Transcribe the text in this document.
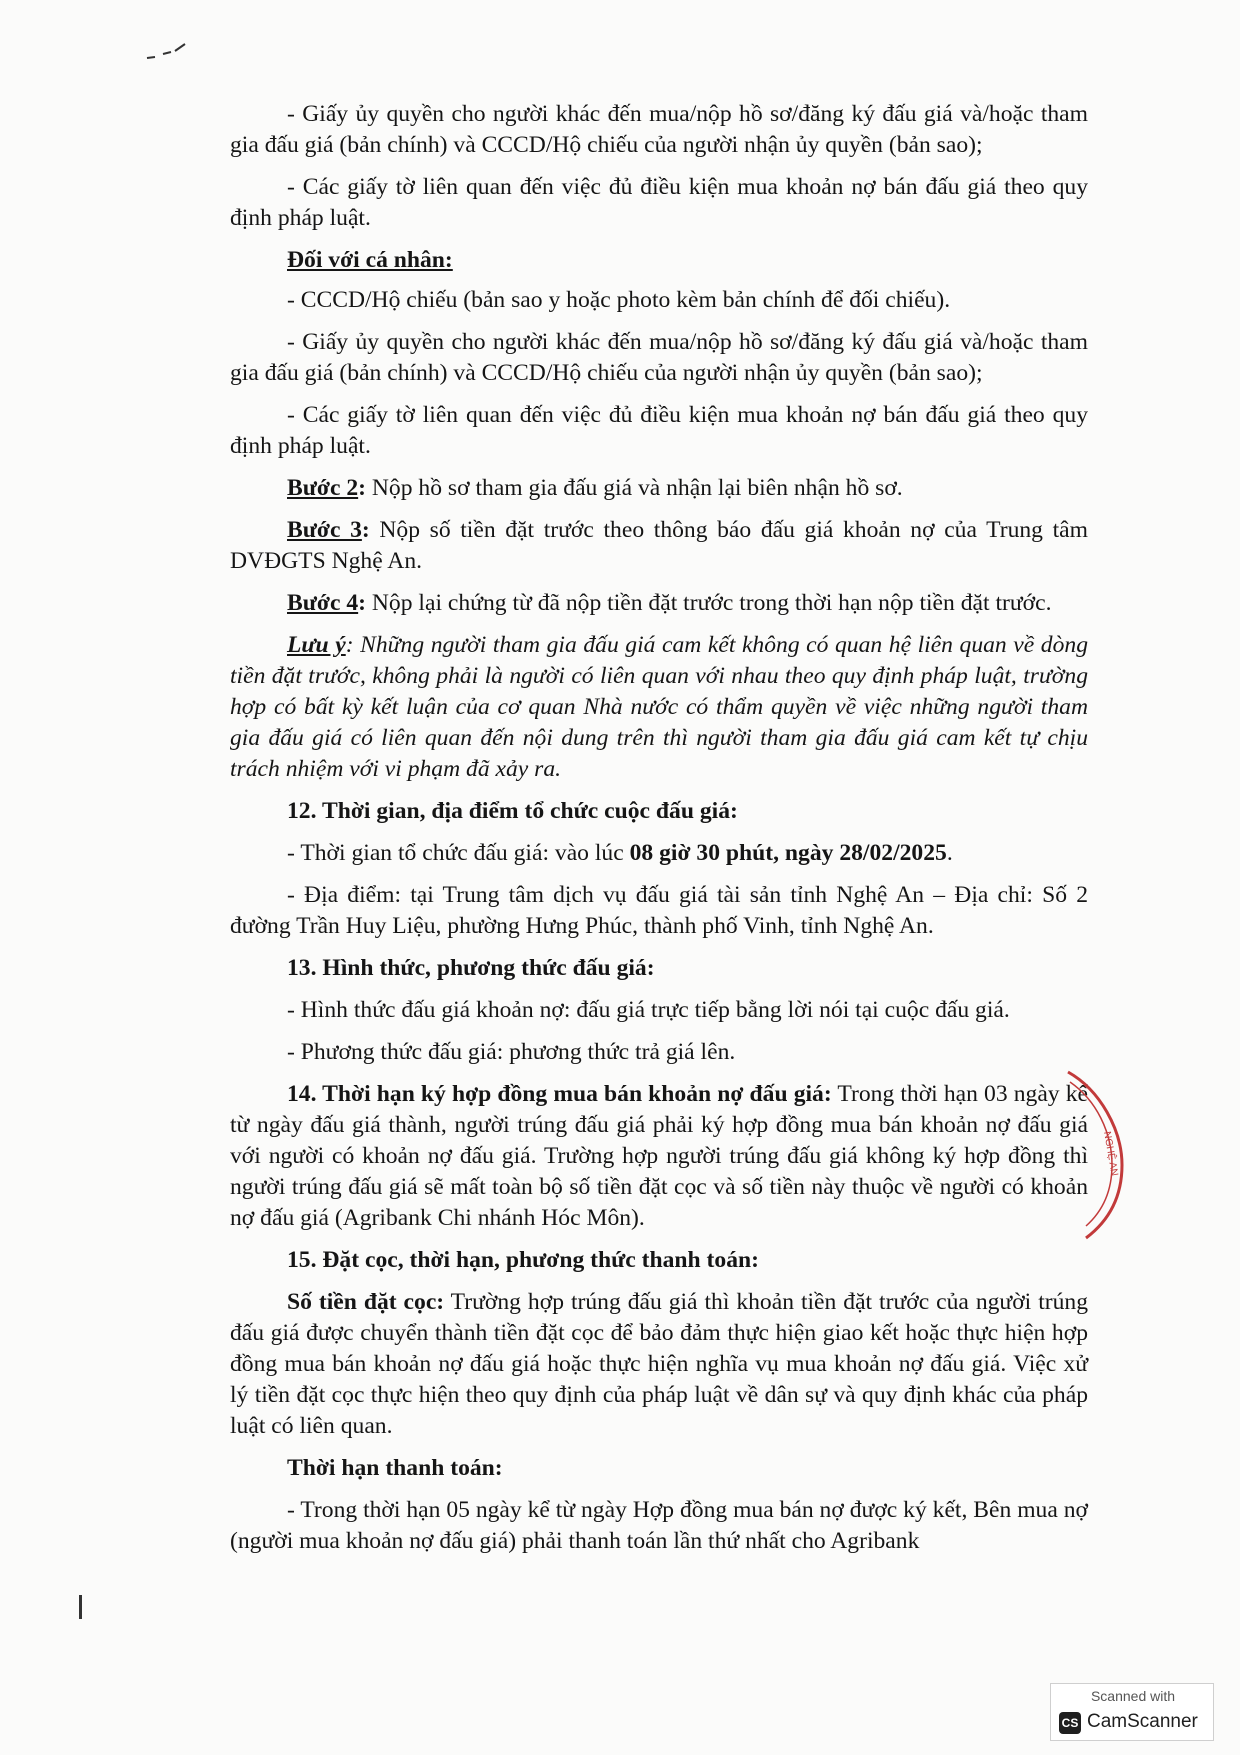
- Giấy ủy quyền cho người khác đến mua/nộp hồ sơ/đăng ký đấu giá và/hoặc tham gia đấu giá (bản chính) và CCCD/Hộ chiếu của người nhận ủy quyền (bản sao);

- Các giấy tờ liên quan đến việc đủ điều kiện mua khoản nợ bán đấu giá theo quy định pháp luật.

Đối với cá nhân:

- CCCD/Hộ chiếu (bản sao y hoặc photo kèm bản chính để đối chiếu).

- Giấy ủy quyền cho người khác đến mua/nộp hồ sơ/đăng ký đấu giá và/hoặc tham gia đấu giá (bản chính) và CCCD/Hộ chiếu của người nhận ủy quyền (bản sao);

- Các giấy tờ liên quan đến việc đủ điều kiện mua khoản nợ bán đấu giá theo quy định pháp luật.

Bước 2: Nộp hồ sơ tham gia đấu giá và nhận lại biên nhận hồ sơ.

Bước 3: Nộp số tiền đặt trước theo thông báo đấu giá khoản nợ của Trung tâm DVĐGTS Nghệ An.

Bước 4: Nộp lại chứng từ đã nộp tiền đặt trước trong thời hạn nộp tiền đặt trước.

Lưu ý: Những người tham gia đấu giá cam kết không có quan hệ liên quan về dòng tiền đặt trước, không phải là người có liên quan với nhau theo quy định pháp luật, trường hợp có bất kỳ kết luận của cơ quan Nhà nước có thẩm quyền về việc những người tham gia đấu giá có liên quan đến nội dung trên thì người tham gia đấu giá cam kết tự chịu trách nhiệm với vi phạm đã xảy ra.

12. Thời gian, địa điểm tổ chức cuộc đấu giá:

- Thời gian tổ chức đấu giá: vào lúc 08 giờ 30 phút, ngày 28/02/2025.

- Địa điểm: tại Trung tâm dịch vụ đấu giá tài sản tỉnh Nghệ An – Địa chỉ: Số 2 đường Trần Huy Liệu, phường Hưng Phúc, thành phố Vinh, tỉnh Nghệ An.

13. Hình thức, phương thức đấu giá:

- Hình thức đấu giá khoản nợ: đấu giá trực tiếp bằng lời nói tại cuộc đấu giá.

- Phương thức đấu giá: phương thức trả giá lên.

14. Thời hạn ký hợp đồng mua bán khoản nợ đấu giá: Trong thời hạn 03 ngày kể từ ngày đấu giá thành, người trúng đấu giá phải ký hợp đồng mua bán khoản nợ đấu giá với người có khoản nợ đấu giá. Trường hợp người trúng đấu giá không ký hợp đồng thì người trúng đấu giá sẽ mất toàn bộ số tiền đặt cọc và số tiền này thuộc về người có khoản nợ đấu giá (Agribank Chi nhánh Hóc Môn).

15. Đặt cọc, thời hạn, phương thức thanh toán:

Số tiền đặt cọc: Trường hợp trúng đấu giá thì khoản tiền đặt trước của người trúng đấu giá được chuyển thành tiền đặt cọc để bảo đảm thực hiện giao kết hoặc thực hiện hợp đồng mua bán khoản nợ đấu giá hoặc thực hiện nghĩa vụ mua khoản nợ đấu giá. Việc xử lý tiền đặt cọc thực hiện theo quy định của pháp luật về dân sự và quy định khác của pháp luật có liên quan.

Thời hạn thanh toán:

- Trong thời hạn 05 ngày kể từ ngày Hợp đồng mua bán nợ được ký kết, Bên mua nợ (người mua khoản nợ đấu giá) phải thanh toán lần thứ nhất cho Agribank

NGHỆ AN
Scanned with
CS CamScanner
